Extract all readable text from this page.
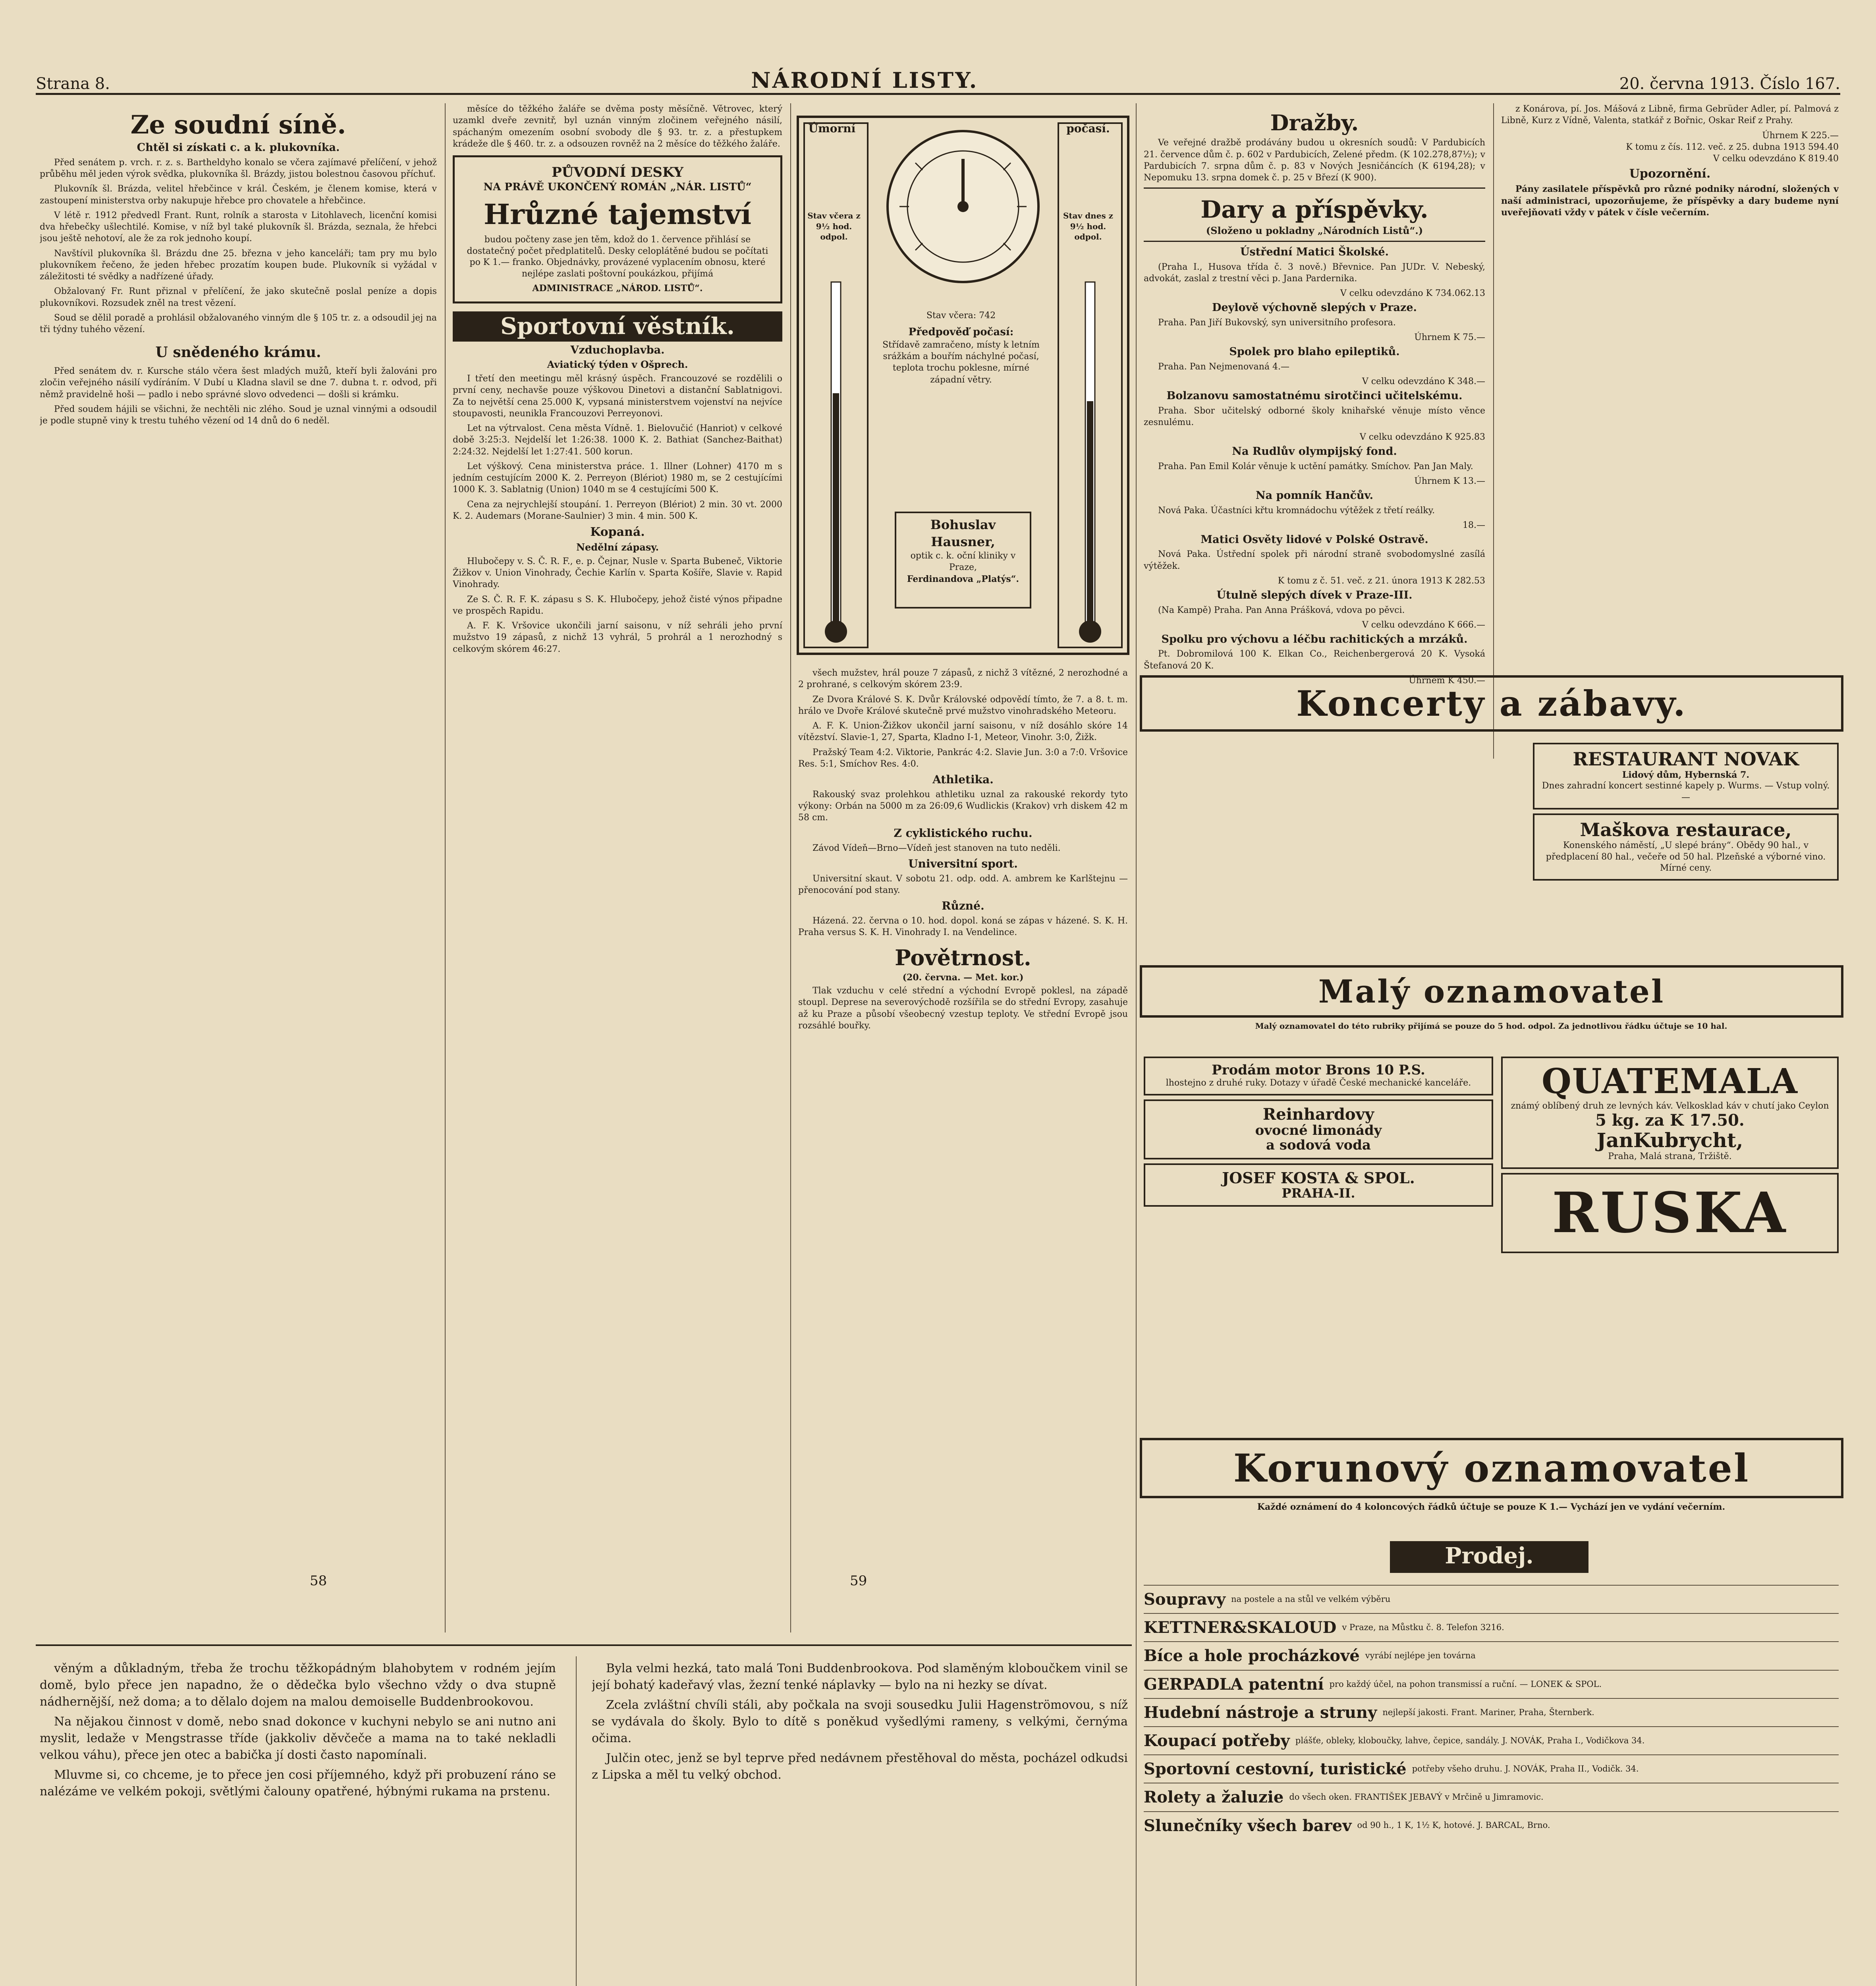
Strana 8.	NÁRODNÍ LISTY.	20. června 1913. Číslo 167.
Ze soudní síně.
Chtěl si získati c. a k. plukovníka.

Před senátem p. vrch. r. z. s. Bartheldyho konalo se včera zajímavé přelíčení, v jehož průběhu měl jeden výrok svědka, plukovníka šl. Brázdy, jistou bolestnou časovou příchuť.

Plukovník šl. Brázda, velitel hřebčince v král. Českém, je členem komise, která v zastoupení ministerstva orby nakupuje hřebce pro chovatele a hřebčince.

V létě r. 1912 předvedl Frant. Runt, rolník a starosta v Litohlavech, licenční komisi dva hřebečky ušlechtilé. Komise, v níž byl také plukovník šl. Brázda, seznala, že hřebci jsou ještě nehotoví, ale že za rok jednoho koupí.

Navštívil plukovníka šl. Brázdu dne 25. března v jeho kanceláři; tam pry mu bylo plukovníkem řečeno, že jeden hřebec prozatím koupen bude. Plukovník si vyžádal v záležitosti té svědky a nadřízené úřady.

Obžalovaný Fr. Runt přiznal v přelíčení, že jako skutečně poslal peníze a dopis plukovníkovi. Rozsudek zněl na trest vězení.

Soud se dělil poradě a prohlásil obžalovaného vinným dle § 105 tr. z. a odsoudil jej na tři týdny tuhého vězení.

U snědeného krámu.

Před senátem dv. r. Kursche stálo včera šest mladých mužů, kteří byli žalováni pro zločin veřejného násilí vydíráním. V Dubí u Kladna slavil se dne 7. dubna t. r. odvod, při němž pravidelně hoši — padlo i nebo správné slovo odvedenci — došli si krámku.

Před soudem hájili se všichni, že nechtěli nic zlého. Soud je uznal vinnými a odsoudil je podle stupně viny k trestu tuhého vězení od 14 dnů do 6 neděl.

58

měsíce do těžkého žaláře se dvěma posty měsíčně. Větrovec, který uzamkl dveře zevnitř, byl uznán vinným zločinem veřejného násilí, spáchaným omezením osobní svobody dle § 93. tr. z. a přestupkem krádeže dle § 460. tr. z. a odsouzen rovněž na 2 měsíce do těžkého žaláře.

PŮVODNÍ DESKY
NA PRÁVĚ UKONČENÝ ROMÁN „NÁR. LISTŮ“
Hrůzné tajemství
budou počteny zase jen těm, kdož do 1. července přihlásí se dostatečný počet předplatitelů. Desky celoplátěné budou se počítati po K 1.— franko. Objednávky, provázené vyplacením obnosu, které nejlépe zaslati poštovní poukázkou, přijímá
ADMINISTRACE „NÁROD. LISTŮ“.
Sportovní věstník.
Vzduchoplavba.
Aviatický týden v Ošprech.

I třetí den meetingu měl krásný úspěch. Francouzové se rozdělili o první ceny, nechavše pouze výškovou Dinetovi a distanční Sablatnigovi. Za to největší cena 25.000 K, vypsaná ministerstvem vojenství na nejvíce stoupavosti, neunikla Francouzovi Perreyonovi.

Let na výtrvalost. Cena města Vídně. 1. Bielovučić (Hanriot) v celkové době 3:25:3. Nejdelší let 1:26:38. 1000 K. 2. Bathiat (Sanchez-Baithat) 2:24:32. Nejdelší let 1:27:41. 500 korun.

Let výškový. Cena ministerstva práce. 1. Illner (Lohner) 4170 m s jedním cestujícím 2000 K. 2. Perreyon (Blériot) 1980 m, se 2 cestujícími 1000 K. 3. Sablatnig (Union) 1040 m se 4 cestujícími 500 K.

Cena za nejrychlejší stoupání. 1. Perreyon (Blériot) 2 min. 30 vt. 2000 K. 2. Audemars (Morane-Saulnier) 3 min. 4 min. 500 K.

Kopaná.
Nedělní zápasy.

Hlubočepy v. S. Č. R. F., e. p. Čejnar, Nusle v. Sparta Bubeneč, Viktorie Žižkov v. Union Vinohrady, Čechie Karlín v. Sparta Košíře, Slavie v. Rapid Vinohrady.

Ze S. Č. R. F. K. zápasu s S. K. Hlubočepy, jehož čisté výnos připadne ve prospěch Rapidu.

A. F. K. Vršovice ukončili jarní saisonu, v níž sehráli jeho první mužstvo 19 zápasů, z nichž 13 vyhrál, 5 prohrál a 1 nerozhodný s celkovým skórem 46:27.

Úmorní
Stav včera z 9½ hod. odpol.
počasí.
Stav dnes z 9½ hod. odpol.
Stav včera: 742
Předpověď počasí:
Střídavě zamračeno, místy k letním srážkám a bouřím náchylné počasí, teplota trochu poklesne, mírné západní větry.
Bohuslav Hausner,
optik c. k. oční kliniky v Praze,
Ferdinandova „Platýs“.

všech mužstev, hrál pouze 7 zápasů, z nichž 3 vítězné, 2 nerozhodné a 2 prohrané, s celkovým skórem 23:9.

Ze Dvora Králové S. K. Dvůr Královské odpovědí tímto, že 7. a 8. t. m. hrálo ve Dvoře Králové skutečně prvé mužstvo vinohradského Meteoru.

A. F. K. Union-Žižkov ukončil jarní saisonu, v níž dosáhlo skóre 14 vítězství. Slavie-1, 27, Sparta, Kladno I-1, Meteor, Vinohr. 3:0, Žižk.

Pražský Team 4:2. Viktorie, Pankrác 4:2. Slavie Jun. 3:0 a 7:0. Vršovice Res. 5:1, Smíchov Res. 4:0.

Athletika.

Rakouský svaz prolehkou athletiku uznal za rakouské rekordy tyto výkony: Orbán na 5000 m za 26:09,6 Wudlickis (Krakov) vrh diskem 42 m 58 cm.

Z cyklistického ruchu.

Závod Vídeň—Brno—Vídeň jest stanoven na tuto neděli.

Universitní sport.

Universitní skaut. V sobotu 21. odp. odd. A. ambrem ke Karlštejnu — přenocování pod stany.

Různé.

Házená. 22. června o 10. hod. dopol. koná se zápas v házené. S. K. H. Praha versus S. K. H. Vinohrady I. na Vendelince.

Povětrnost.
(20. června. — Met. kor.)

Tlak vzduchu v celé střední a východní Evropě poklesl, na západě stoupl. Deprese na severovýchodě rozšířila se do střední Evropy, zasahuje až ku Praze a působí všeobecný vzestup teploty. Ve střední Evropě jsou rozsáhlé bouřky.

59
Dražby.

Ve veřejné dražbě prodávány budou u okresních soudů: V Pardubicích 21. července dům č. p. 602 v Pardubicích, Zelené předm. (K 102.278,87½); v Pardubicích 7. srpna dům č. p. 83 v Nových Jesničáncích (K 6194,28); v Nepomuku 13. srpna domek č. p. 25 v Březí (K 900).

Dary a příspěvky.
(Složeno u pokladny „Národních Listů“.)
Ústřední Matici Školské.

(Praha I., Husova třída č. 3 nově.) Břevnice. Pan JUDr. V. Nebeský, advokát, zaslal z trestní věci p. Jana Pardernika.

V celku odevzdáno K 734.062.13
Deylově výchovně slepých v Praze.

Praha. Pan Jiří Bukovský, syn universitního profesora.

Úhrnem K 75.—
Spolek pro blaho epileptiků.

Praha. Pan Nejmenovaná 4.—

V celku odevzdáno K 348.—
Bolzanovu samostatnému sirotčinci učitelskému.

Praha. Sbor učitelský odborné školy knihařské věnuje místo věnce zesnulému.

V celku odevzdáno K 925.83
Na Rudlův olympijský fond.

Praha. Pan Emil Kolár věnuje k uctění památky. Smíchov. Pan Jan Maly.

Úhrnem K 13.—
Na pomník Hančův.

Nová Paka. Účastníci křtu kromnádochu výtěžek z třetí reálky.

18.—
Matici Osvěty lidové v Polské Ostravě.

Nová Paka. Ústřední spolek při národní straně svobodomyslné zasílá výtěžek.

K tomu z č. 51. več. z 21. února 1913 K 282.53
Útulně slepých dívek v Praze-III.

(Na Kampě) Praha. Pan Anna Prášková, vdova po pěvci.

V celku odevzdáno K 666.—
Spolku pro výchovu a léčbu rachitických a mrzáků.

Pt. Dobromilová 100 K. Elkan Co., Reichenbergerová 20 K. Vysoká Štefanová 20 K.

Úhrnem K 450.—

z Konárova, pí. Jos. Mášová z Libně, firma Gebrüder Adler, pí. Palmová z Libně, Kurz z Vídně, Valenta, statkář z Bořnic, Oskar Reif z Prahy.

Úhrnem K 225.—
K tomu z čís. 112. več. z 25. dubna 1913 594.40
V celku odevzdáno K 819.40
Upozornění.

Pány zasilatele příspěvků pro různé podniky národní, složených v naší administraci, upozorňujeme, že příspěvky a dary budeme nyní uveřejňovati vždy v pátek v čísle večerním.

Koncerty a zábavy.
RESTAURANT NOVAK
Lidový dům, Hybernská 7.
Dnes zahradní koncert sestinné kapely p. Wurms. — Vstup volný. —
Maškova restaurace,
Konenského náměstí, „U slepé brány“. Obědy 90 hal., v předplacení 80 hal., večeře od 50 hal. Plzeňské a výborné vino. Mírné ceny.
Malý oznamovatel
Malý oznamovatel do této rubriky přijímá se pouze do 5 hod. odpol. Za jednotlivou řádku účtuje se 10 hal.
Prodám motor Brons 10 P.S.
lhostejno z druhé ruky. Dotazy v úřadě České mechanické kanceláře.
Reinhardovy
ovocné limonády
a sodová voda
JOSEF KOSTA & SPOL.
PRAHA-II.
QUATEMALA
známý oblíbený druh ze levných káv. Velkosklad káv v chutí jako Ceylon
5 kg. za K 17.50.
JanKubrycht,
Praha, Malá strana, Tržiště.
RUSKA
Korunový oznamovatel
Každé oznámení do 4 koloncových řádků účtuje se pouze K 1.— Vychází jen ve vydání večerním.
Prodej.
Soupravy na postele a na stůl ve velkém výběru
KETTNER&SKALOUD v Praze, na Můstku č. 8. Telefon 3216.
Bíce a hole procházkové vyrábí nejlépe jen továrna
GERPADLA patentní pro každý účel, na pohon transmissí a ruční. — LONEK & SPOL.
Hudební nástroje a struny nejlepší jakosti. Frant. Mariner, Praha, Šternberk.
Koupací potřeby plášťe, obleky, kloboučky, lahve, čepice, sandály. J. NOVÁK, Praha I., Vodičkova 34.
Sportovní cestovní, turistické potřeby všeho druhu. J. NOVÁK, Praha II., Vodičk. 34.
Rolety a žaluzie do všech oken. FRANTIŠEK JEBAVÝ v Mrčině u Jimramovic.
Slunečníky všech barev od 90 h., 1 K, 1½ K, hotové. J. BARCAL, Brno.

věným a důkladným, třeba že trochu těžkopádným blahobytem v rodném jejím domě, bylo přece jen napadno, že o dědečka bylo všechno vždy o dva stupně nádhernější, než doma; a to dělalo dojem na malou demoiselle Buddenbrookovou.

Na nějakou činnost v domě, nebo snad dokonce v kuchyni nebylo se ani nutno ani myslit, ledaže v Mengstrasse tříde (jakkoliv děvčeče a mama na to také nekladli velkou váhu), přece jen otec a babička jí dosti často napomínali.

Mluvme si, co chceme, je to přece jen cosi příjemného, když při probuzení ráno se nalézáme ve velkém pokoji, světlými čalouny opatřené, hýbnými rukama na prstenu.

Byla velmi hezká, tato malá Toni Buddenbrookova. Pod slaměným kloboučkem vinil se její bohatý kadeřavý vlas, žezní tenké náplavky — bylo na ni hezky se dívat.

Zcela zvláštní chvíli stáli, aby počkala na svoji sousedku Julii Hagenströmovou, s níž se vydávala do školy. Bylo to dítě s poněkud vyšedlými rameny, s velkými, černýma očima.

Julčin otec, jenž se byl teprve před nedávnem přestěhoval do města, pocházel odkudsi z Lipska a měl tu velký obchod.
